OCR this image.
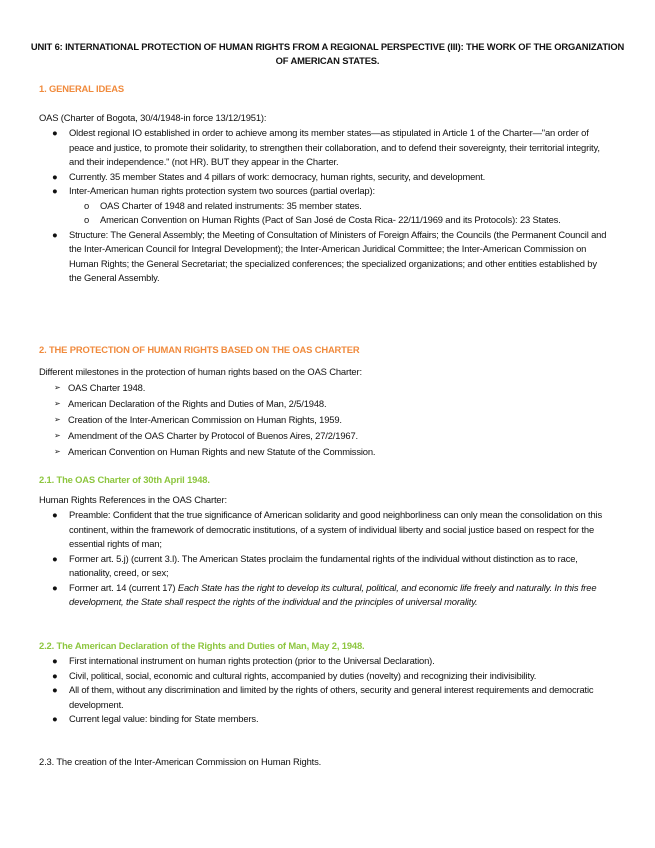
UNIT 6: INTERNATIONAL PROTECTION OF HUMAN RIGHTS FROM A REGIONAL PERSPECTIVE (III): THE WORK OF THE ORGANIZATION OF AMERICAN STATES.
1. GENERAL IDEAS
OAS (Charter of Bogota, 30/4/1948-in force 13/12/1951):
● Oldest regional IO established in order to achieve among its member states—as stipulated in Article 1 of the Charter—"an order of peace and justice, to promote their solidarity, to strengthen their collaboration, and to defend their sovereignty, their territorial integrity, and their independence." (not HR). BUT they appear in the Charter.
● Currently. 35 member States and 4 pillars of work: democracy, human rights, security, and development.
● Inter-American human rights protection system two sources (partial overlap):
o OAS Charter of 1948 and related instruments: 35 member states.
o American Convention on Human Rights (Pact of San José de Costa Rica- 22/11/1969 and its Protocols): 23 States.
● Structure: The General Assembly; the Meeting of Consultation of Ministers of Foreign Affairs; the Councils (the Permanent Council and the Inter-American Council for Integral Development); the Inter-American Juridical Committee; the Inter-American Commission on Human Rights; the General Secretariat; the specialized conferences; the specialized organizations; and other entities established by the General Assembly.
2. THE PROTECTION OF HUMAN RIGHTS BASED ON THE OAS CHARTER
Different milestones in the protection of human rights based on the OAS Charter:
➢ OAS Charter 1948.
➢ American Declaration of the Rights and Duties of Man, 2/5/1948.
➢ Creation of the Inter-American Commission on Human Rights, 1959.
➢ Amendment of the OAS Charter by Protocol of Buenos Aires, 27/2/1967.
➢ American Convention on Human Rights and new Statute of the Commission.
2.1. The OAS Charter of 30th April 1948.
Human Rights References in the OAS Charter:
● Preamble: Confident that the true significance of American solidarity and good neighborliness can only mean the consolidation on this continent, within the framework of democratic institutions, of a system of individual liberty and social justice based on respect for the essential rights of man;
● Former art. 5.j) (current 3.l). The American States proclaim the fundamental rights of the individual without distinction as to race, nationality, creed, or sex;
● Former art. 14 (current 17) Each State has the right to develop its cultural, political, and economic life freely and naturally. In this free development, the State shall respect the rights of the individual and the principles of universal morality.
2.2. The American Declaration of the Rights and Duties of Man, May 2, 1948.
● First international instrument on human rights protection (prior to the Universal Declaration).
● Civil, political, social, economic and cultural rights, accompanied by duties (novelty) and recognizing their indivisibility.
● All of them, without any discrimination and limited by the rights of others, security and general interest requirements and democratic development.
● Current legal value: binding for State members.
2.3. The creation of the Inter-American Commission on Human Rights.
